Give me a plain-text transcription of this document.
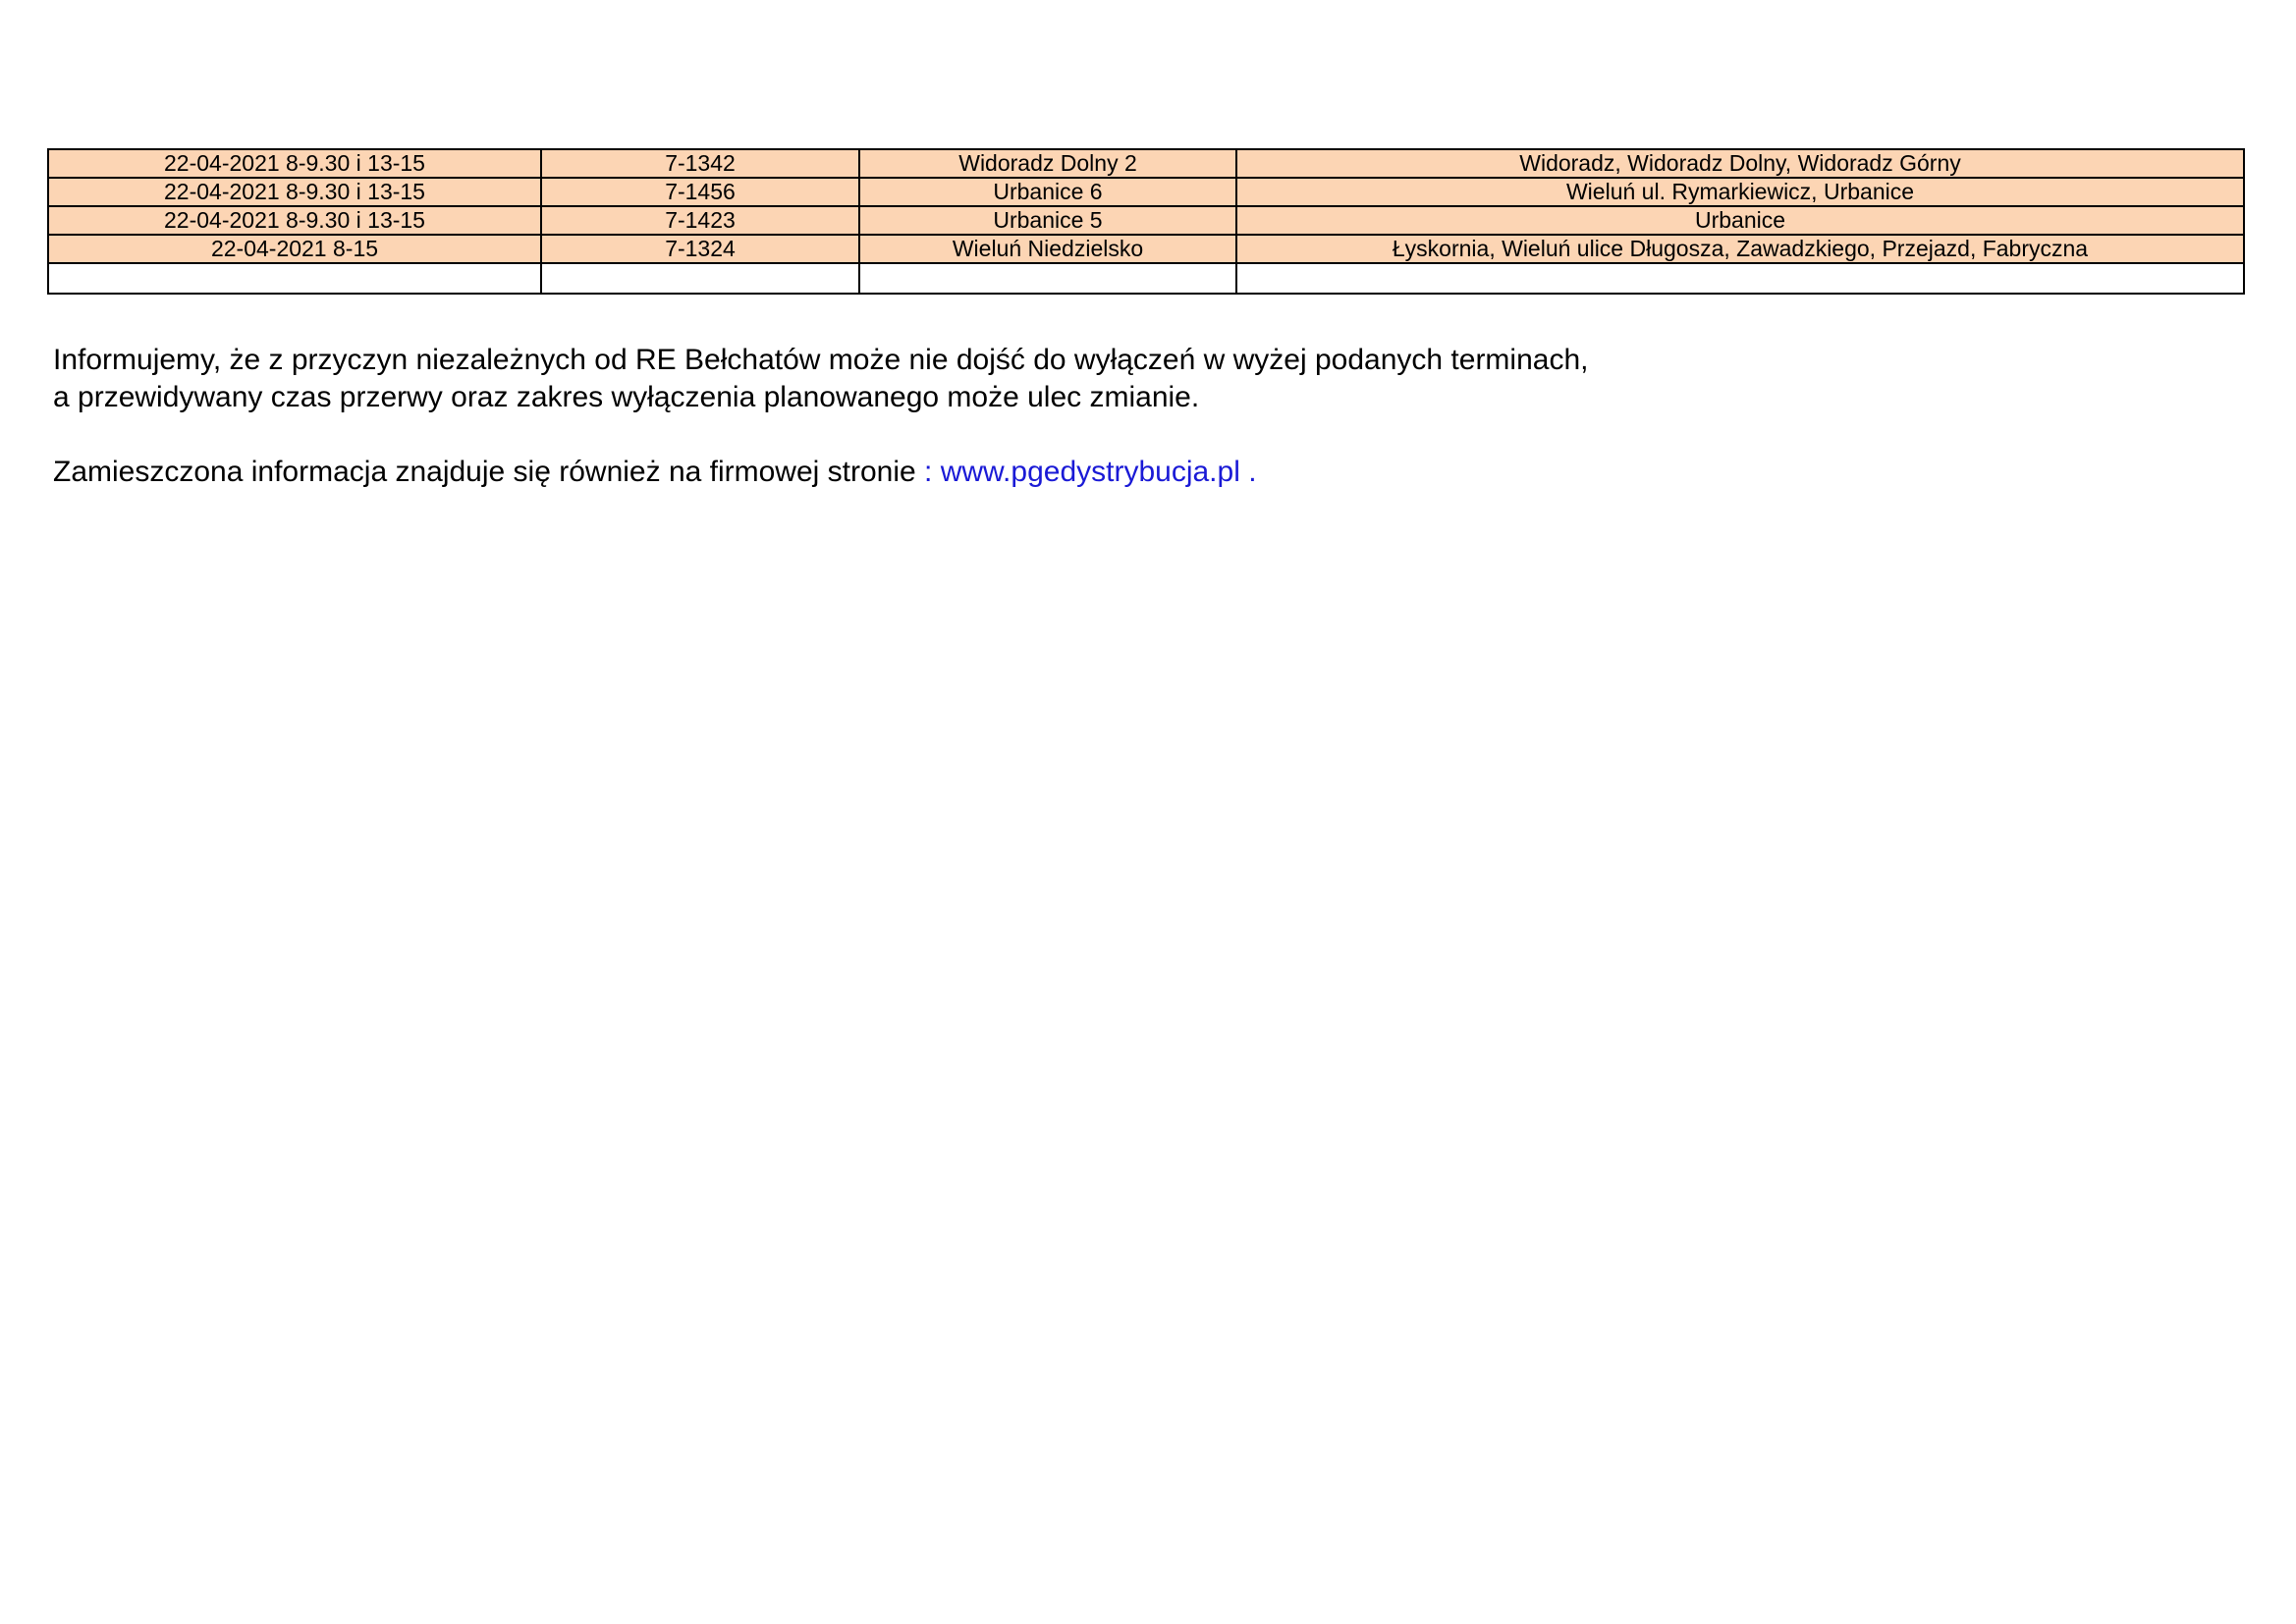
22-04-2021 8-9.30 i 13-15	7-1342	Widoradz Dolny 2	Widoradz, Widoradz Dolny, Widoradz Górny
22-04-2021 8-9.30 i 13-15	7-1456	Urbanice 6	Wieluń ul. Rymarkiewicz, Urbanice
22-04-2021 8-9.30 i 13-15	7-1423	Urbanice 5	Urbanice
22-04-2021 8-15	7-1324	Wieluń Niedzielsko	Łyskornia, Wieluń ulice Długosza, Zawadzkiego, Przejazd, Fabryczna

Informujemy, że z przyczyn niezależnych od RE Bełchatów może nie dojść do wyłączeń w wyżej podanych terminach,
a przewidywany czas przerwy oraz zakres wyłączenia planowanego może ulec zmianie.
Zamieszczona informacja znajduje się również na firmowej stronie : www.pgedystrybucja.pl .
